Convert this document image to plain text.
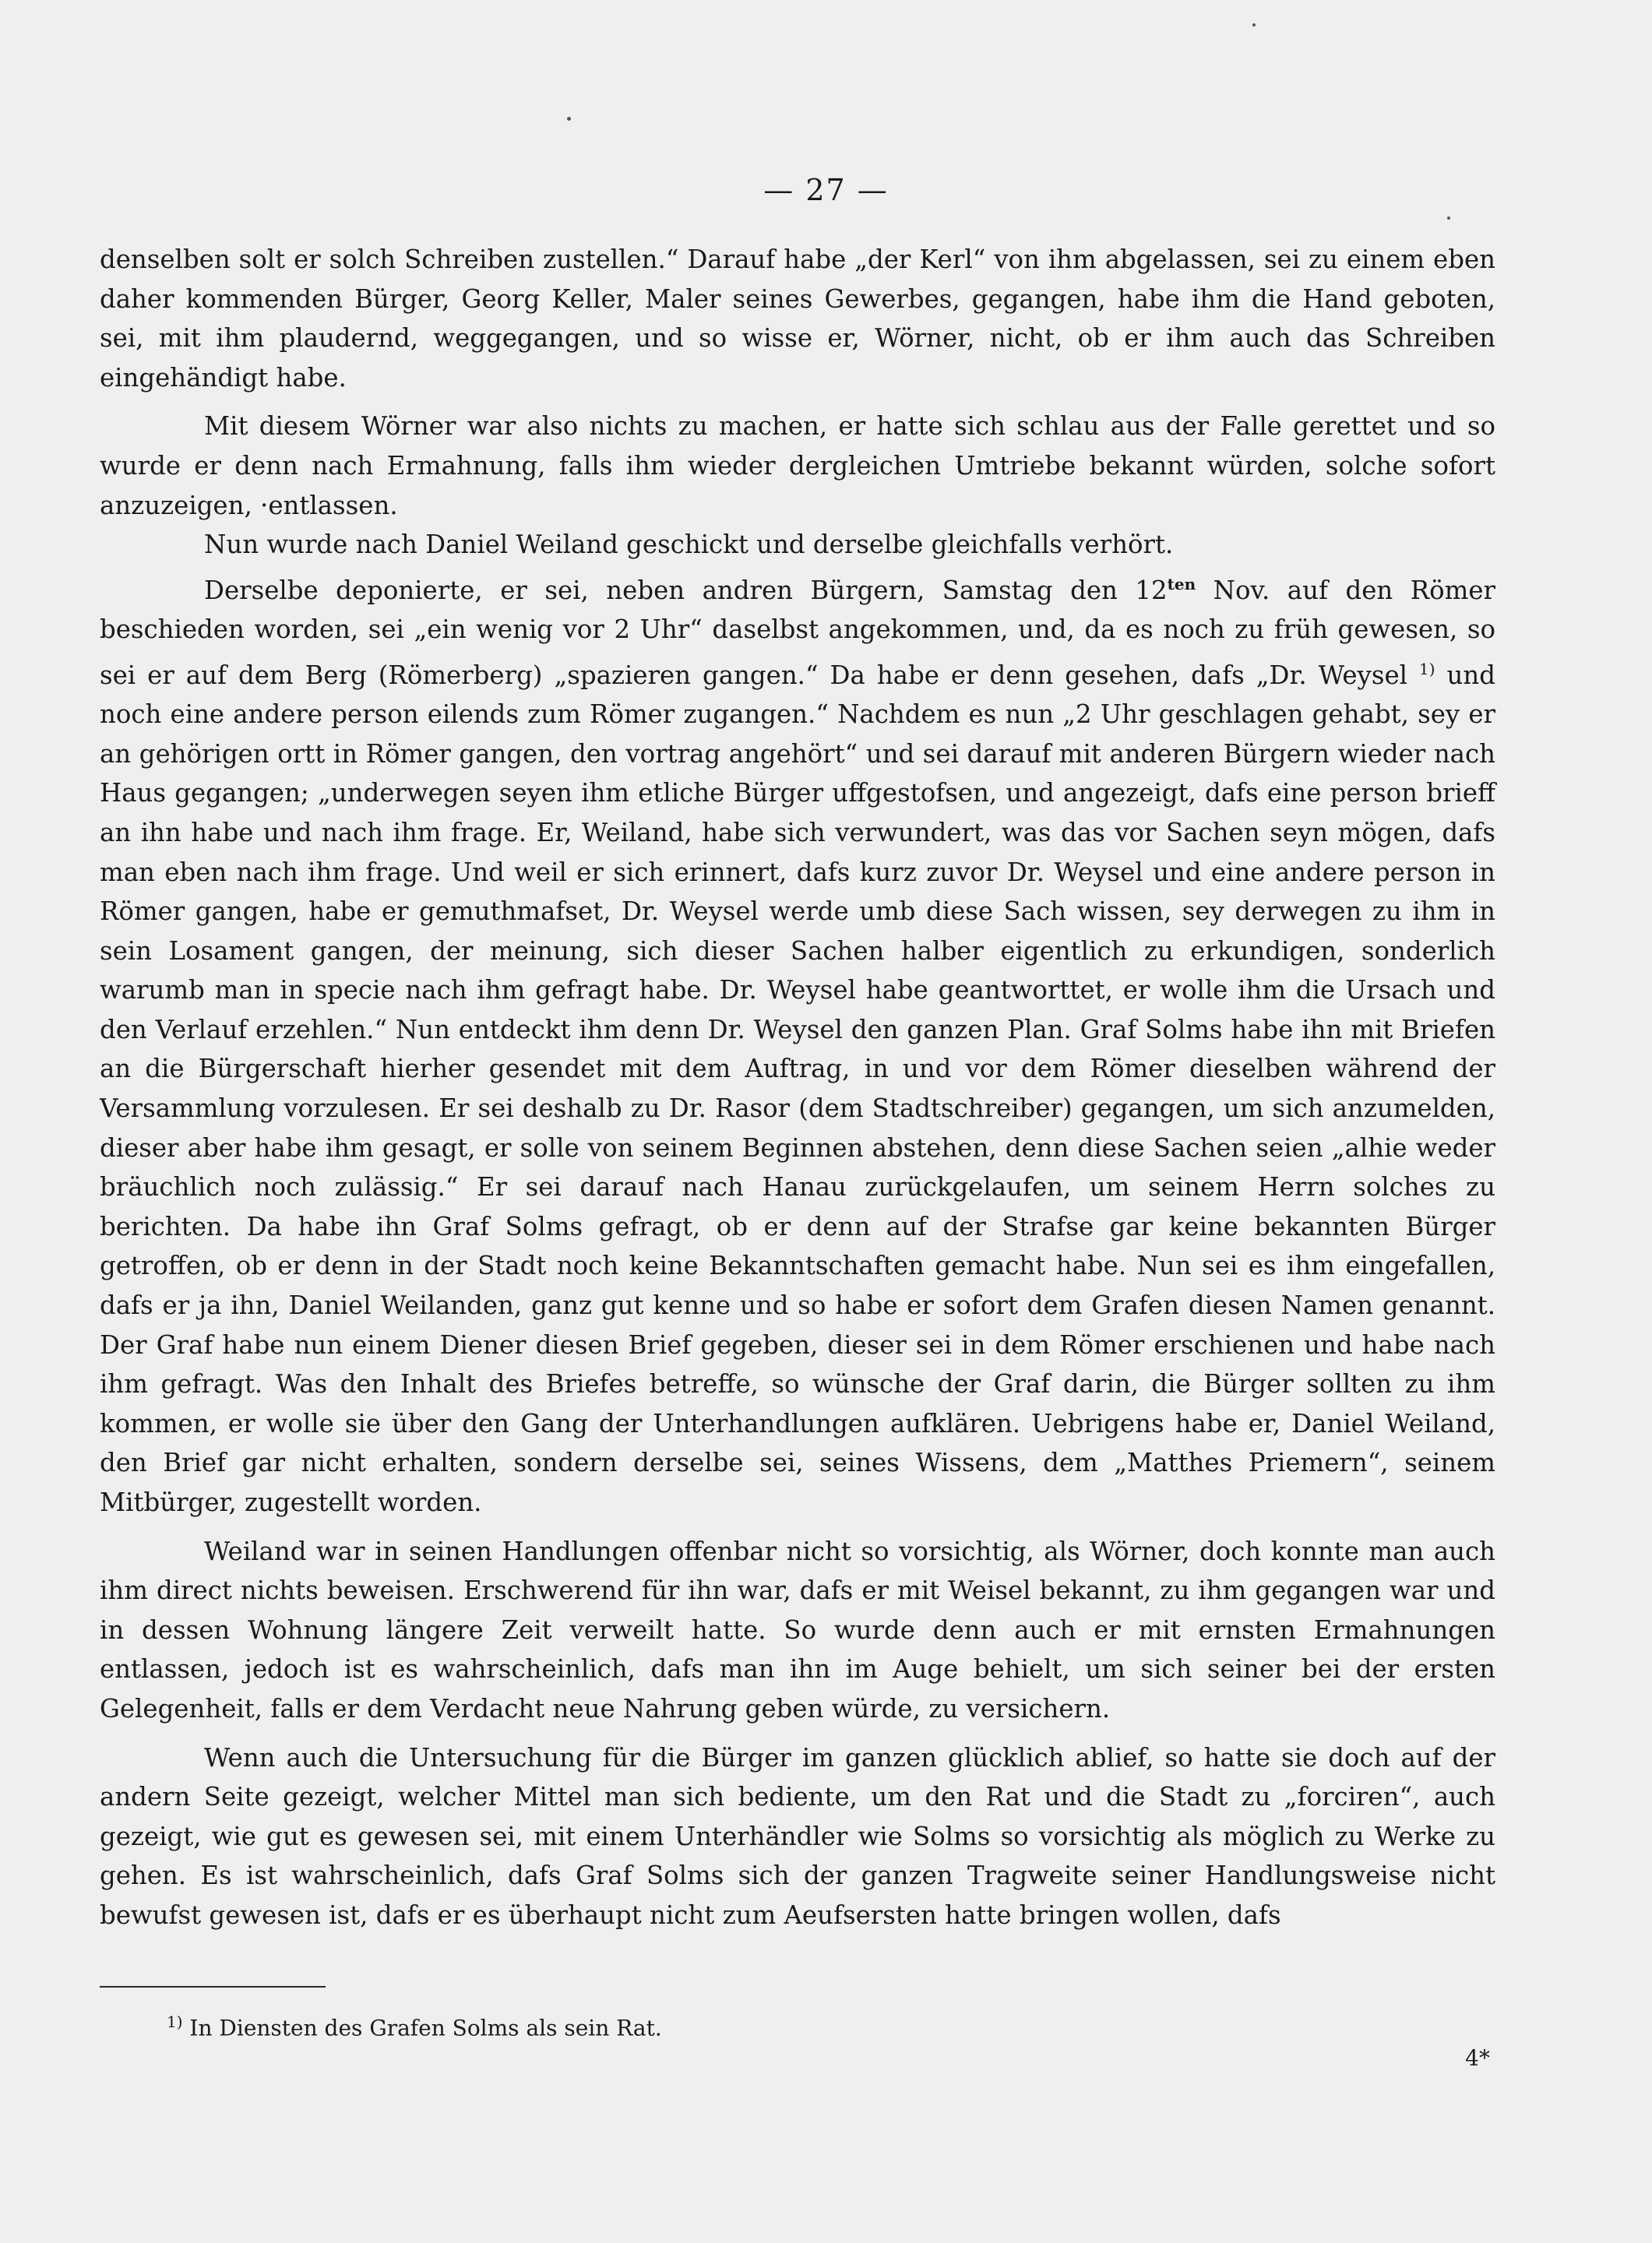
— 27 —

denselben solt er solch Schreiben zustellen.“ Darauf habe „der Kerl“ von ihm abgelassen, sei zu einem eben daher kommenden Bürger, Georg Keller, Maler seines Gewerbes, gegangen, habe ihm die Hand geboten, sei, mit ihm plaudernd, weggegangen, und so wisse er, Wörner, nicht, ob er ihm auch das Schreiben eingehändigt habe.

Mit diesem Wörner war also nichts zu machen, er hatte sich schlau aus der Falle gerettet und so wurde er denn nach Ermahnung, falls ihm wieder dergleichen Umtriebe bekannt würden, solche sofort anzuzeigen, ·entlassen.

Nun wurde nach Daniel Weiland geschickt und derselbe gleichfalls verhört.

Derselbe deponierte, er sei, neben andren Bürgern, Samstag den $12^{ten}$ Nov. auf den Römer beschieden worden, sei „ein wenig vor 2 Uhr“ daselbst angekommen, und, da es noch zu früh gewesen, so sei er auf dem Berg (Römerberg) „spazieren gangen.“ Da habe er denn gesehen, dafs „Dr. Weysel $^{1)}$ und noch eine andere person eilends zum Römer zugangen.“ Nachdem es nun „2 Uhr geschlagen gehabt, sey er an gehörigen ortt in Römer gangen, den vortrag angehört“ und sei darauf mit anderen Bürgern wieder nach Haus gegangen; „underwegen seyen ihm etliche Bürger uffgestofsen, und angezeigt, dafs eine person brieff an ihn habe und nach ihm frage. Er, Weiland, habe sich verwundert, was das vor Sachen seyn mögen, dafs man eben nach ihm frage. Und weil er sich erinnert, dafs kurz zuvor Dr. Weysel und eine andere person in Römer gangen, habe er gemuthmafset, Dr. Weysel werde umb diese Sach wissen, sey derwegen zu ihm in sein Losament gangen, der meinung, sich dieser Sachen halber eigentlich zu erkundigen, sonderlich warumb man in specie nach ihm gefragt habe. Dr. Weysel habe geantworttet, er wolle ihm die Ursach und den Verlauf erzehlen.“ Nun entdeckt ihm denn Dr. Weysel den ganzen Plan. Graf Solms habe ihn mit Briefen an die Bürgerschaft hierher gesendet mit dem Auftrag, in und vor dem Römer dieselben während der Versammlung vorzulesen. Er sei deshalb zu Dr. Rasor (dem Stadtschreiber) gegangen, um sich anzumelden, dieser aber habe ihm gesagt, er solle von seinem Beginnen abstehen, denn diese Sachen seien „alhie weder bräuchlich noch zulässig.“ Er sei darauf nach Hanau zurückgelaufen, um seinem Herrn solches zu berichten. Da habe ihn Graf Solms gefragt, ob er denn auf der Strafse gar keine bekannten Bürger getroffen, ob er denn in der Stadt noch keine Bekanntschaften gemacht habe. Nun sei es ihm eingefallen, dafs er ja ihn, Daniel Weilanden, ganz gut kenne und so habe er sofort dem Grafen diesen Namen genannt. Der Graf habe nun einem Diener diesen Brief gegeben, dieser sei in dem Römer erschienen und habe nach ihm gefragt. Was den Inhalt des Briefes betreffe, so wünsche der Graf darin, die Bürger sollten zu ihm kommen, er wolle sie über den Gang der Unterhandlungen aufklären. Uebrigens habe er, Daniel Weiland, den Brief gar nicht erhalten, sondern derselbe sei, seines Wissens, dem „Matthes Priemern“, seinem Mitbürger, zugestellt worden.

Weiland war in seinen Handlungen offenbar nicht so vorsichtig, als Wörner, doch konnte man auch ihm direct nichts beweisen. Erschwerend für ihn war, dafs er mit Weisel bekannt, zu ihm gegangen war und in dessen Wohnung längere Zeit verweilt hatte. So wurde denn auch er mit ernsten Ermahnungen entlassen, jedoch ist es wahrscheinlich, dafs man ihn im Auge behielt, um sich seiner bei der ersten Gelegenheit, falls er dem Verdacht neue Nahrung geben würde, zu versichern.

Wenn auch die Untersuchung für die Bürger im ganzen glücklich ablief, so hatte sie doch auf der andern Seite gezeigt, welcher Mittel man sich bediente, um den Rat und die Stadt zu „forciren“, auch gezeigt, wie gut es gewesen sei, mit einem Unterhändler wie Solms so vorsichtig als möglich zu Werke zu gehen. Es ist wahrscheinlich, dafs Graf Solms sich der ganzen Tragweite seiner Handlungsweise nicht bewufst gewesen ist, dafs er es überhaupt nicht zum Aeufsersten hatte bringen wollen, dafs

$^{1)}$ In Diensten des Grafen Solms als sein Rat.
4*
